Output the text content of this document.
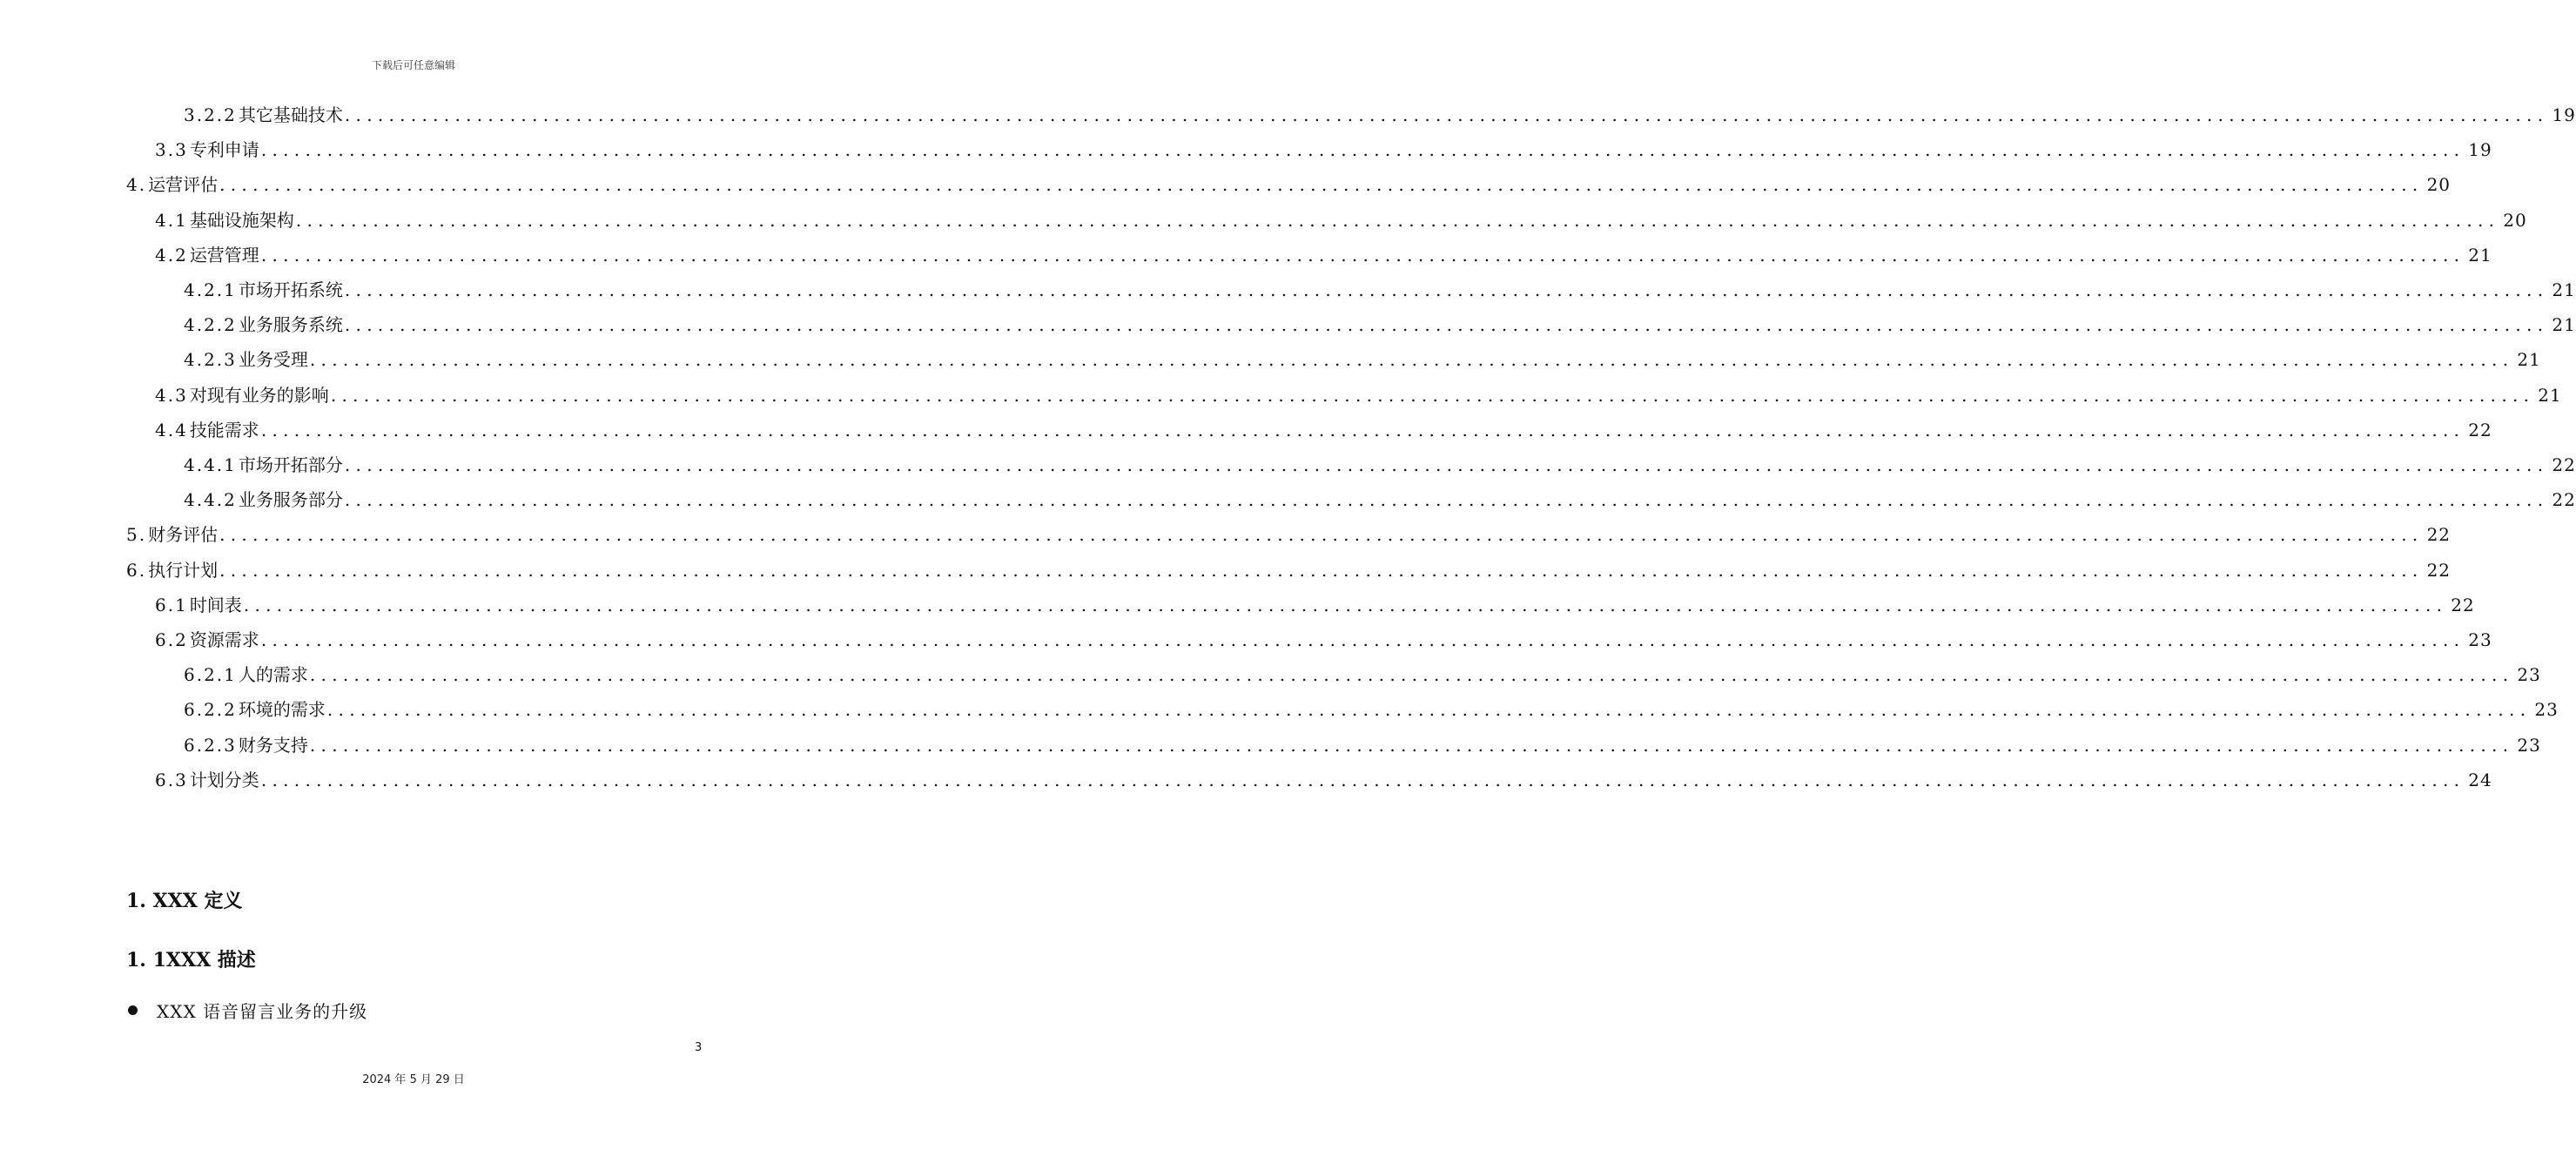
下载后可任意编辑
3.2.2 其它基础技术 ........................................................................................................................................................................................................ 19
3.3 专利申请 ........................................................................................................................................................................................................ 19
4. 运营评估 ........................................................................................................................................................................................................ 20
4.1 基础设施架构 ........................................................................................................................................................................................................ 20
4.2 运营管理 ........................................................................................................................................................................................................ 21
4.2.1 市场开拓系统 ........................................................................................................................................................................................................ 21
4.2.2 业务服务系统 ........................................................................................................................................................................................................ 21
4.2.3 业务受理 ........................................................................................................................................................................................................ 21
4.3 对现有业务的影响 ........................................................................................................................................................................................................ 21
4.4 技能需求 ........................................................................................................................................................................................................ 22
4.4.1 市场开拓部分 ........................................................................................................................................................................................................ 22
4.4.2 业务服务部分 ........................................................................................................................................................................................................ 22
5. 财务评估 ........................................................................................................................................................................................................ 22
6. 执行计划 ........................................................................................................................................................................................................ 22
6.1 时间表 ........................................................................................................................................................................................................ 22
6.2 资源需求 ........................................................................................................................................................................................................ 23
6.2.1 人的需求 ........................................................................................................................................................................................................ 23
6.2.2 环境的需求 ........................................................................................................................................................................................................ 23
6.2.3 财务支持 ........................................................................................................................................................................................................ 23
6.3 计划分类 ........................................................................................................................................................................................................ 24
1. XXX 定义
1. 1XXX 描述
XXX 语音留言业务的升级
3
2024 年 5 月 29 日
